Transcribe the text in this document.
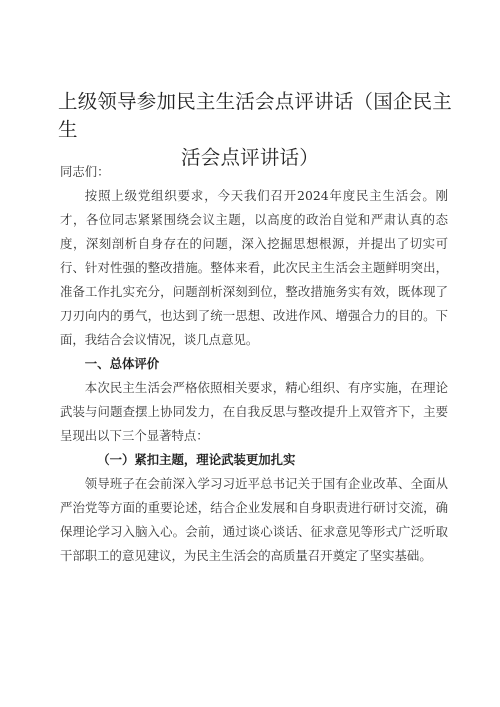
上级领导参加民主生活会点评讲话（国企民主生
活会点评讲话）

同志们：

按照上级党组织要求，今天我们召开2024年度民主生活会。刚才，各位同志紧紧围绕会议主题，以高度的政治自觉和严肃认真的态度，深刻剖析自身存在的问题，深入挖掘思想根源，并提出了切实可行、针对性强的整改措施。整体来看，此次民主生活会主题鲜明突出，准备工作扎实充分，问题剖析深刻到位，整改措施务实有效，既体现了刀刃向内的勇气，也达到了统一思想、改进作风、增强合力的目的。下面，我结合会议情况，谈几点意见。

一、总体评价

本次民主生活会严格依照相关要求，精心组织、有序实施，在理论武装与问题查摆上协同发力，在自我反思与整改提升上双管齐下，主要呈现出以下三个显著特点：

（一）紧扣主题，理论武装更加扎实

领导班子在会前深入学习习近平总书记关于国有企业改革、全面从严治党等方面的重要论述，结合企业发展和自身职责进行研讨交流，确保理论学习入脑入心。会前，通过谈心谈话、征求意见等形式广泛听取干部职工的意见建议，为民主生活会的高质量召开奠定了坚实基础。
